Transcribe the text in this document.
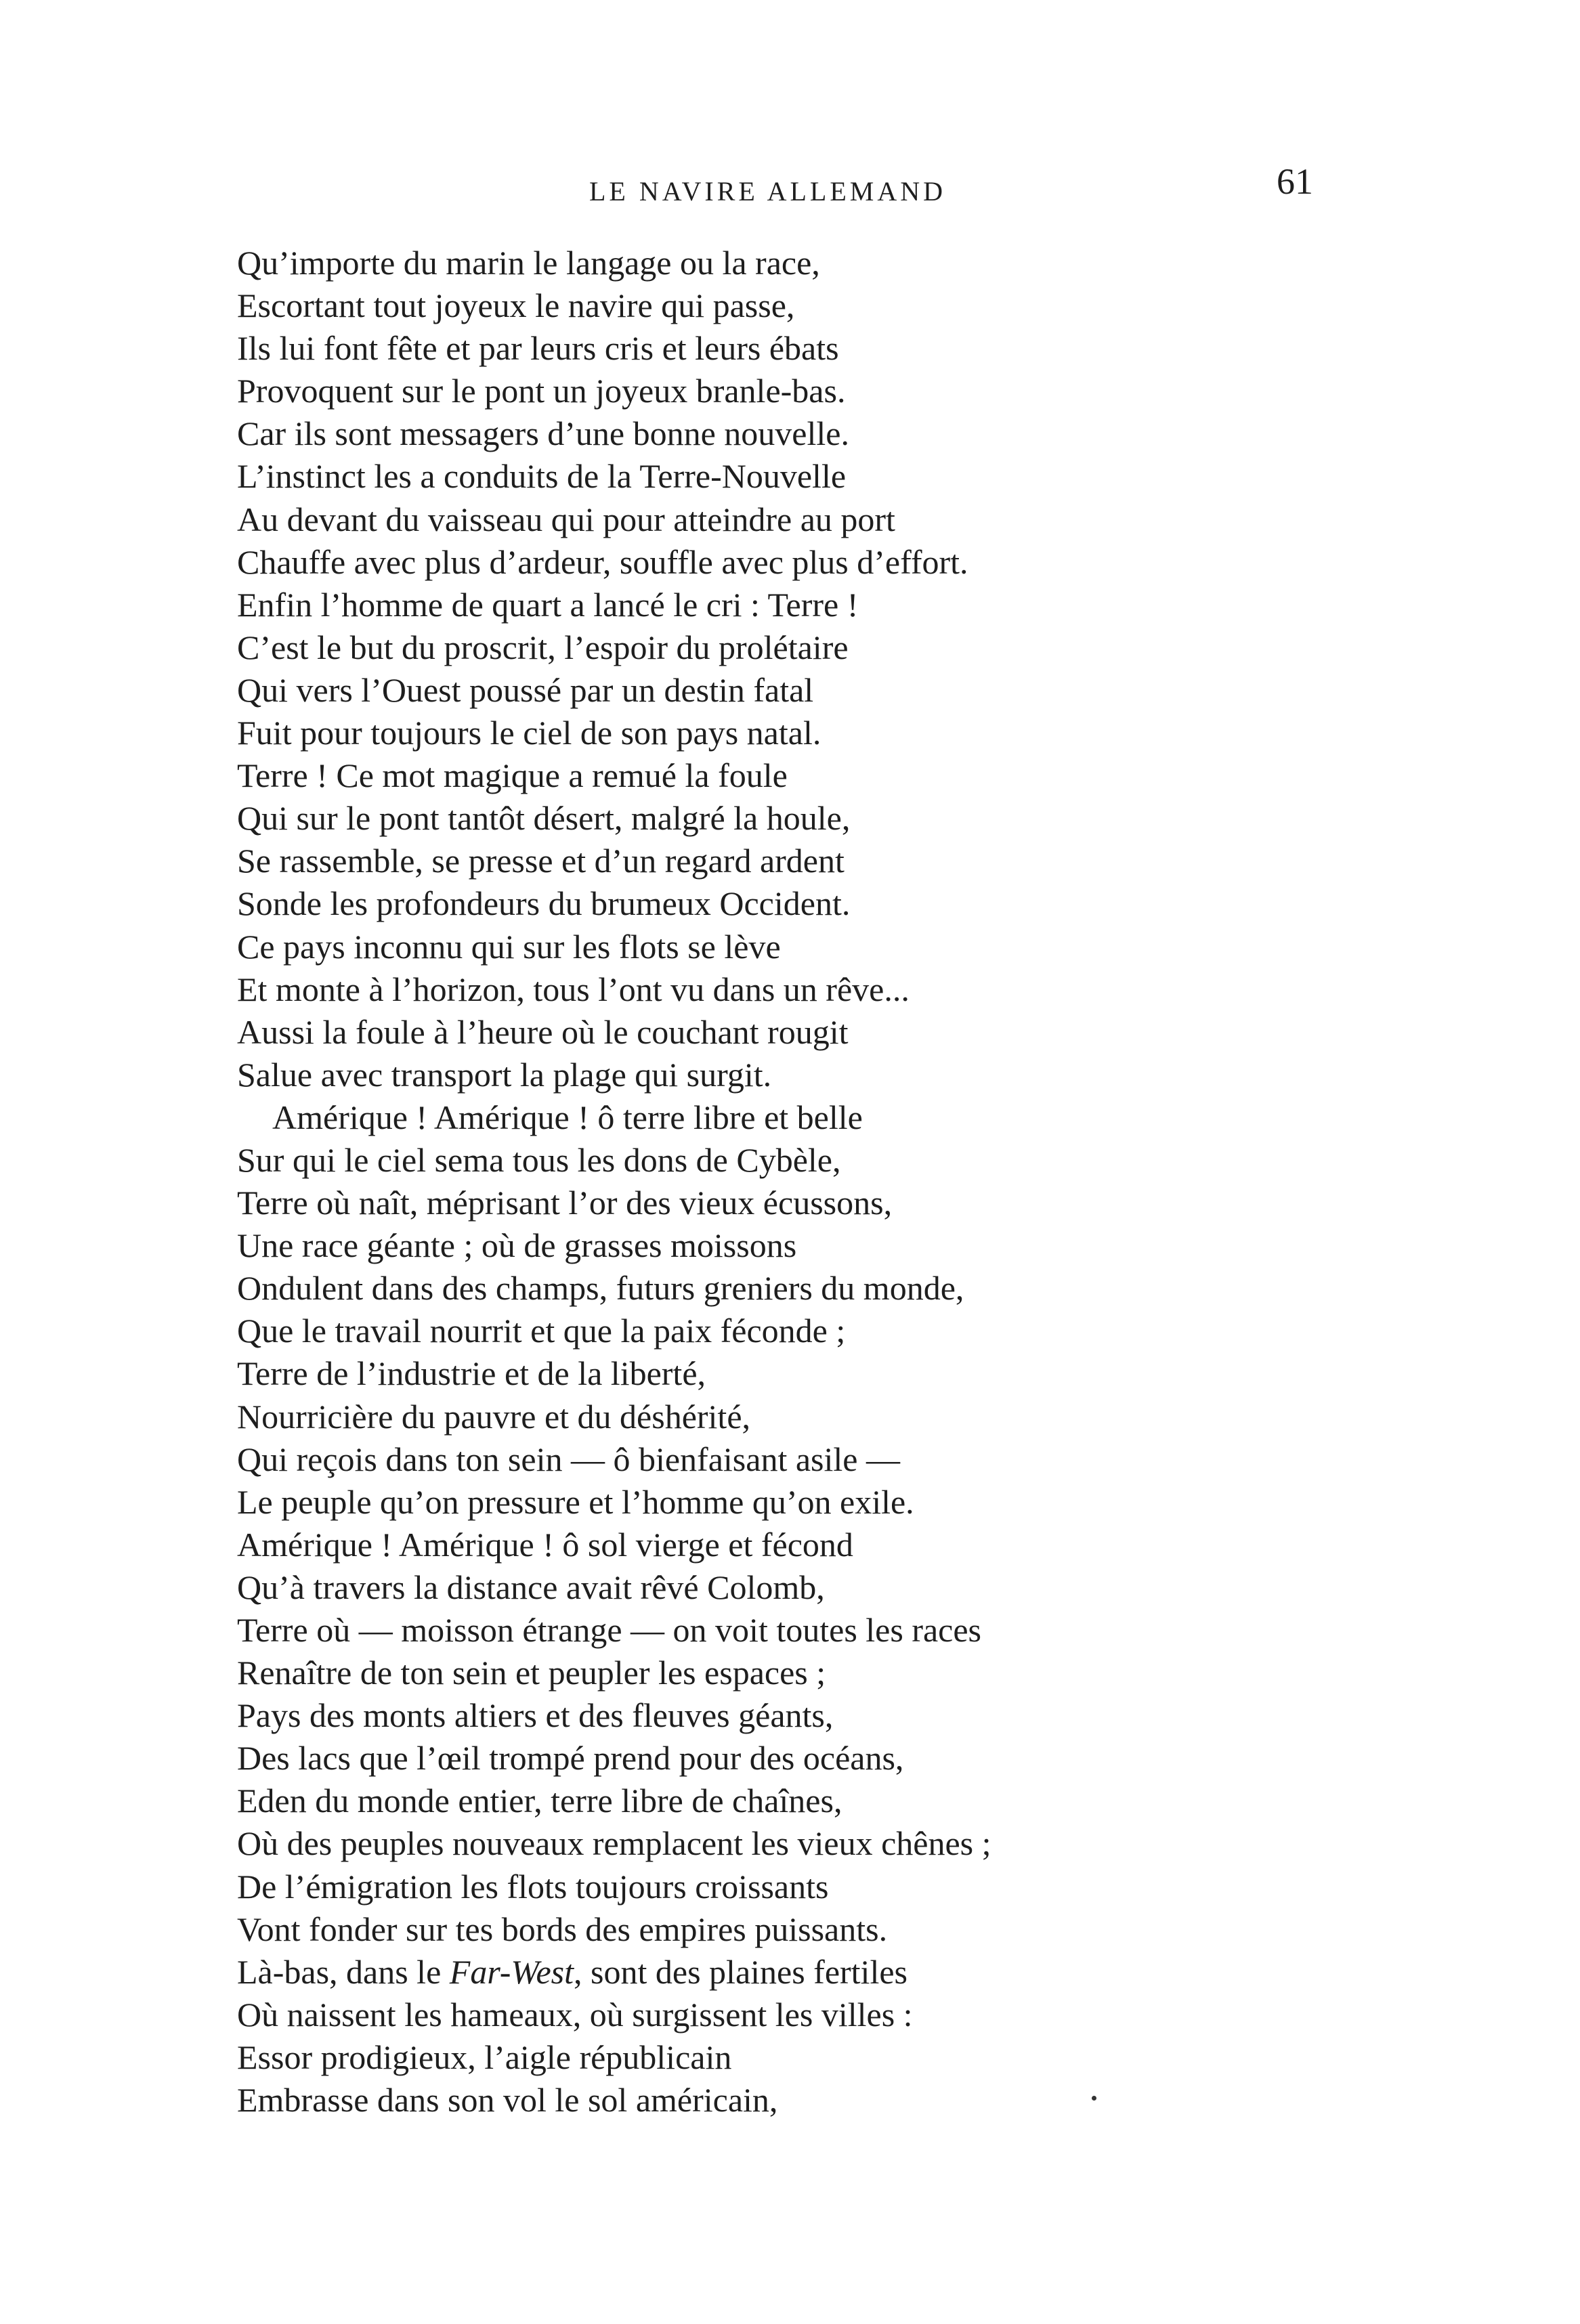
LE NAVIRE ALLEMAND	61
Qu’importe du marin le langage ou la race,
Escortant tout joyeux le navire qui passe,
Ils lui font fête et par leurs cris et leurs ébats
Provoquent sur le pont un joyeux branle-bas.
Car ils sont messagers d’une bonne nouvelle.
L’instinct les a conduits de la Terre-Nouvelle
Au devant du vaisseau qui pour atteindre au port
Chauffe avec plus d’ardeur, souffle avec plus d’effort.
Enfin l’homme de quart a lancé le cri : Terre !
C’est le but du proscrit, l’espoir du prolétaire
Qui vers l’Ouest poussé par un destin fatal
Fuit pour toujours le ciel de son pays natal.
Terre ! Ce mot magique a remué la foule
Qui sur le pont tantôt désert, malgré la houle,
Se rassemble, se presse et d’un regard ardent
Sonde les profondeurs du brumeux Occident.
Ce pays inconnu qui sur les flots se lève
Et monte à l’horizon, tous l’ont vu dans un rêve...
Aussi la foule à l’heure où le couchant rougit
Salue avec transport la plage qui surgit.
Amérique ! Amérique ! ô terre libre et belle
Sur qui le ciel sema tous les dons de Cybèle,
Terre où naît, méprisant l’or des vieux écussons,
Une race géante ; où de grasses moissons
Ondulent dans des champs, futurs greniers du monde,
Que le travail nourrit et que la paix féconde ;
Terre de l’industrie et de la liberté,
Nourricière du pauvre et du déshérité,
Qui reçois dans ton sein — ô bienfaisant asile —
Le peuple qu’on pressure et l’homme qu’on exile.
Amérique ! Amérique ! ô sol vierge et fécond
Qu’à travers la distance avait rêvé Colomb,
Terre où — moisson étrange — on voit toutes les races
Renaître de ton sein et peupler les espaces ;
Pays des monts altiers et des fleuves géants,
Des lacs que l’œil trompé prend pour des océans,
Eden du monde entier, terre libre de chaînes,
Où des peuples nouveaux remplacent les vieux chênes ;
De l’émigration les flots toujours croissants
Vont fonder sur tes bords des empires puissants.
Là-bas, dans le Far-West, sont des plaines fertiles
Où naissent les hameaux, où surgissent les villes :
Essor prodigieux, l’aigle républicain
Embrasse dans son vol le sol américain,
